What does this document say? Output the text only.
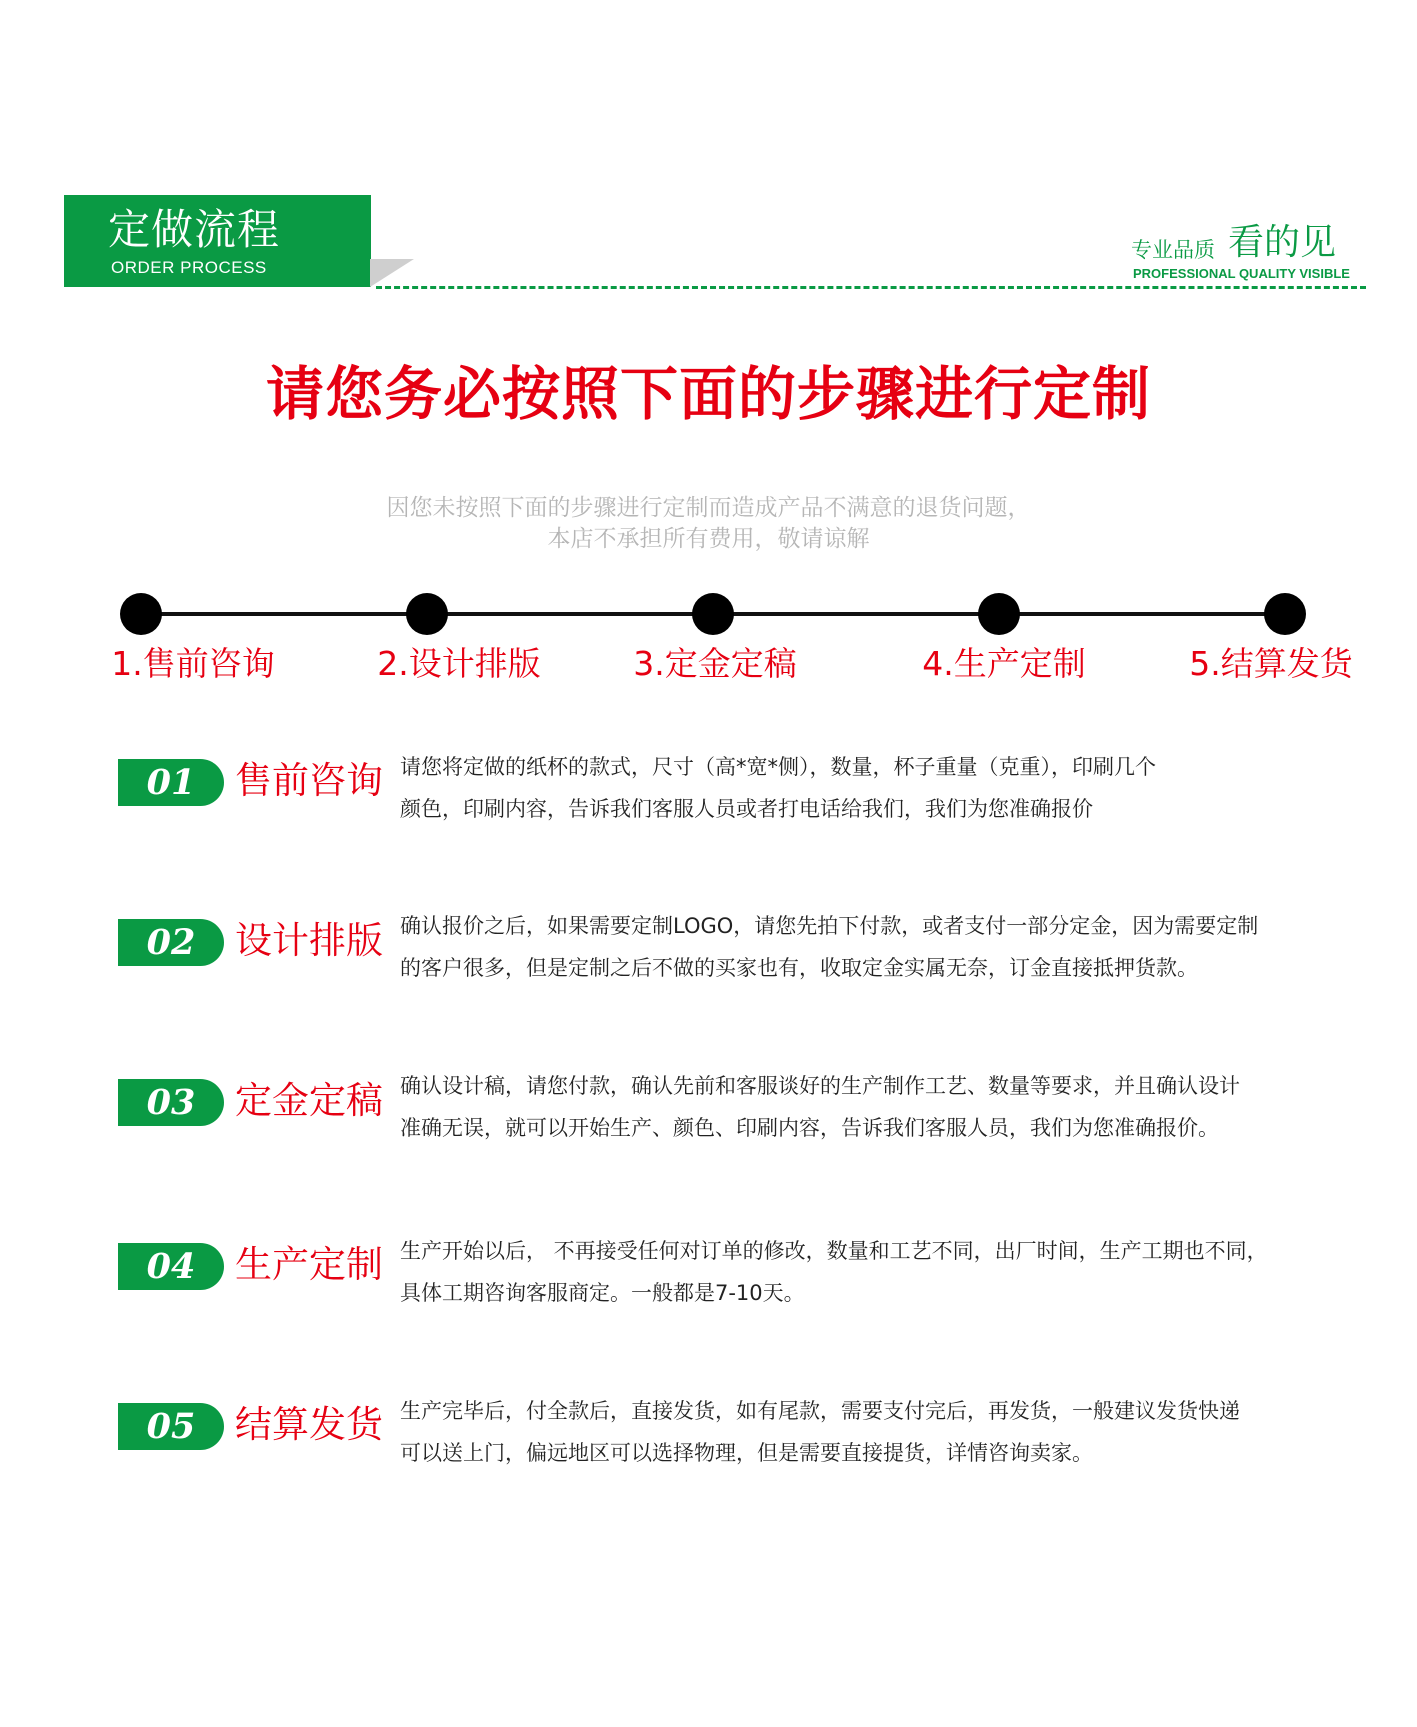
定做流程
ORDER PROCESS
专业品质 看的见
PROFESSIONAL QUALITY VISIBLE
请您务必按照下面的步骤进行定制
因您未按照下面的步骤进行定制而造成产品不满意的退货问题，
本店不承担所有费用，敬请谅解
1.售前咨询	2.设计排版	3.定金定稿	4.生产定制	5.结算发货
01	售前咨询 请您将定做的纸杯的款式，尺寸（高*宽*侧），数量，杯子重量（克重），印刷几个
颜色，印刷内容，告诉我们客服人员或者打电话给我们，我们为您准确报价
02	设计排版 确认报价之后，如果需要定制LOGO，请您先拍下付款，或者支付一部分定金，因为需要定制
的客户很多，但是定制之后不做的买家也有，收取定金实属无奈，订金直接抵押货款。
03	定金定稿 确认设计稿，请您付款，确认先前和客服谈好的生产制作工艺、数量等要求，并且确认设计
准确无误，就可以开始生产、颜色、印刷内容，告诉我们客服人员，我们为您准确报价。
04	生产定制 生产开始以后， 不再接受任何对订单的修改，数量和工艺不同，出厂时间，生产工期也不同，
具体工期咨询客服商定。一般都是7-10天。
05	结算发货 生产完毕后，付全款后，直接发货，如有尾款，需要支付完后，再发货，一般建议发货快递
可以送上门，偏远地区可以选择物理，但是需要直接提货，详情咨询卖家。
